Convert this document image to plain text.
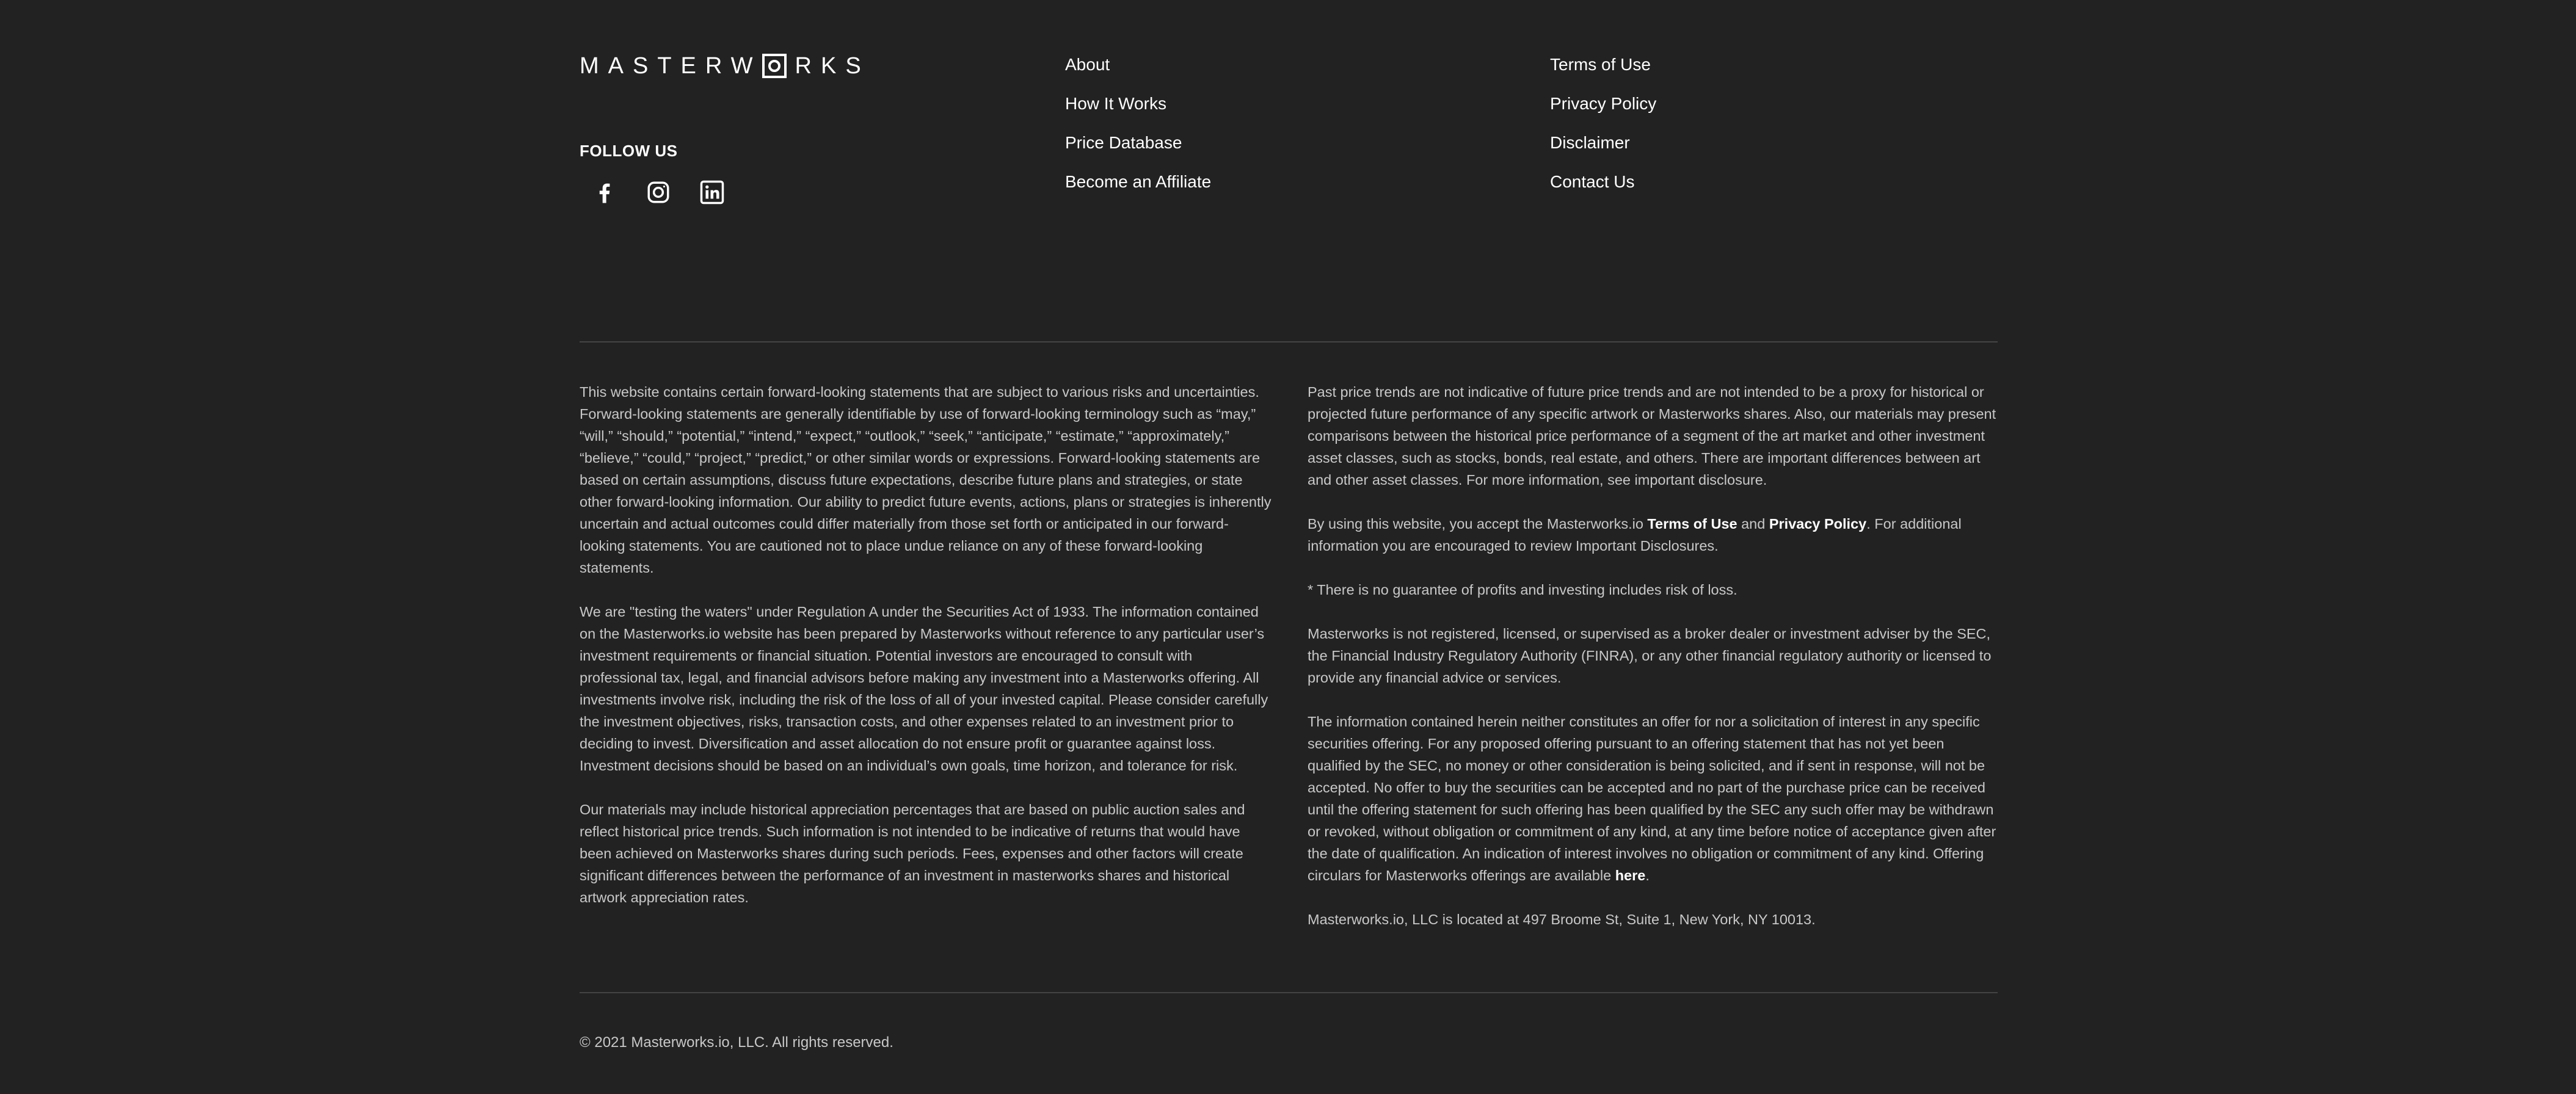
MASTERW RKS
FOLLOW US
About
How It Works
Price Database
Become an Affiliate
Terms of Use
Privacy Policy
Disclaimer
Contact Us

This website contains certain forward-looking statements that are subject to various risks and uncertainties. Forward-looking statements are generally identifiable by use of forward-looking terminology such as “may,” “will,” “should,” “potential,” “intend,” “expect,” “outlook,” “seek,” “anticipate,” “estimate,” “approximately,” “believe,” “could,” “project,” “predict,” or other similar words or expressions. Forward-looking statements are based on certain assumptions, discuss future expectations, describe future plans and strategies, or state other forward-looking information. Our ability to predict future events, actions, plans or strategies is inherently uncertain and actual outcomes could differ materially from those set forth or anticipated in our forward-looking statements. You are cautioned not to place undue reliance on any of these forward-looking statements.

We are "testing the waters" under Regulation A under the Securities Act of 1933. The information contained on the Masterworks.io website has been prepared by Masterworks without reference to any particular user’s investment requirements or financial situation. Potential investors are encouraged to consult with professional tax, legal, and financial advisors before making any investment into a Masterworks offering. All investments involve risk, including the risk of the loss of all of your invested capital. Please consider carefully the investment objectives, risks, transaction costs, and other expenses related to an investment prior to deciding to invest. Diversification and asset allocation do not ensure profit or guarantee against loss. Investment decisions should be based on an individual’s own goals, time horizon, and tolerance for risk.

Our materials may include historical appreciation percentages that are based on public auction sales and reflect historical price trends. Such information is not intended to be indicative of returns that would have been achieved on Masterworks shares during such periods. Fees, expenses and other factors will create significant differences between the performance of an investment in masterworks shares and historical artwork appreciation rates.

Past price trends are not indicative of future price trends and are not intended to be a proxy for historical or projected future performance of any specific artwork or Masterworks shares. Also, our materials may present comparisons between the historical price performance of a segment of the art market and other investment asset classes, such as stocks, bonds, real estate, and others. There are important differences between art and other asset classes. For more information, see important disclosure.

By using this website, you accept the Masterworks.io Terms of Use and Privacy Policy. For additional information you are encouraged to review Important Disclosures.

* There is no guarantee of profits and investing includes risk of loss.

Masterworks is not registered, licensed, or supervised as a broker dealer or investment adviser by the SEC, the Financial Industry Regulatory Authority (FINRA), or any other financial regulatory authority or licensed to provide any financial advice or services.

The information contained herein neither constitutes an offer for nor a solicitation of interest in any specific securities offering. For any proposed offering pursuant to an offering statement that has not yet been qualified by the SEC, no money or other consideration is being solicited, and if sent in response, will not be accepted. No offer to buy the securities can be accepted and no part of the purchase price can be received until the offering statement for such offering has been qualified by the SEC any such offer may be withdrawn or revoked, without obligation or commitment of any kind, at any time before notice of acceptance given after the date of qualification. An indication of interest involves no obligation or commitment of any kind. Offering circulars for Masterworks offerings are available here.

Masterworks.io, LLC is located at 497 Broome St, Suite 1, New York, NY 10013.

© 2021 Masterworks.io, LLC. All rights reserved.
